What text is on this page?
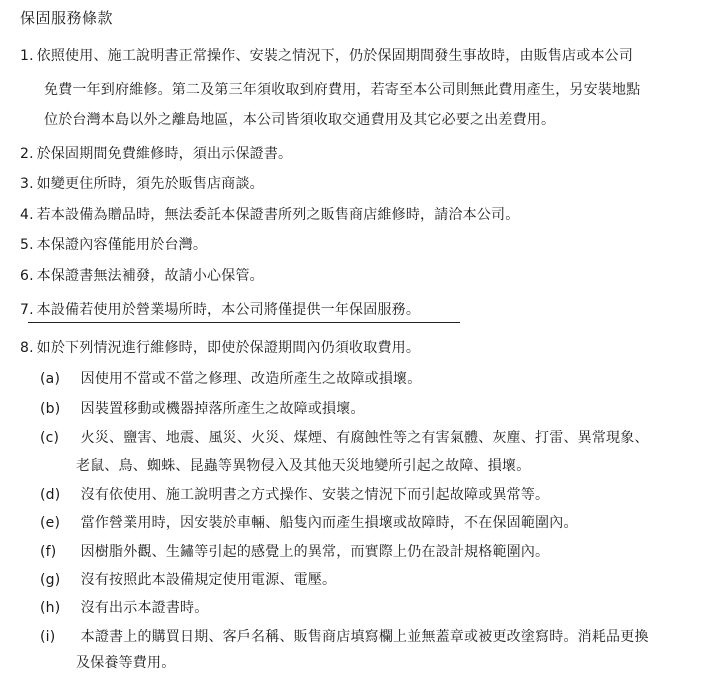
保固服務條款
1. 依照使用、施工說明書正常操作、安裝之情況下，仍於保固期間發生事故時，由販售店或本公司
免費一年到府維修。第二及第三年須收取到府費用，若寄至本公司則無此費用產生，另安裝地點
位於台灣本島以外之離島地區，本公司皆須收取交通費用及其它必要之出差費用。
2. 於保固期間免費維修時，須出示保證書。
3. 如變更住所時，須先於販售店商談。
4. 若本設備為贈品時，無法委託本保證書所列之販售商店維修時，請洽本公司。
5. 本保證內容僅能用於台灣。
6. 本保證書無法補發，故請小心保管。
7. 本設備若使用於營業場所時，本公司將僅提供一年保固服務。
8. 如於下列情況進行維修時，即使於保證期間內仍須收取費用。
(a) 因使用不當或不當之修理、改造所產生之故障或損壞。
(b) 因裝置移動或機器掉落所產生之故障或損壞。
(c) 火災、鹽害、地震、風災、火災、煤煙、有腐蝕性等之有害氣體、灰塵、打雷、異常現象、
老鼠、鳥、蜘蛛、昆蟲等異物侵入及其他天災地變所引起之故障、損壞。
(d) 沒有依使用、施工說明書之方式操作、安裝之情況下而引起故障或異常等。
(e) 當作營業用時，因安裝於車輛、船隻內而產生損壞或故障時，不在保固範圍內。
(f) 因樹脂外觀、生鏽等引起的感覺上的異常，而實際上仍在設計規格範圍內。
(g) 沒有按照此本設備規定使用電源、電壓。
(h) 沒有出示本證書時。
(i) 本證書上的購買日期、客戶名稱、販售商店填寫欄上並無蓋章或被更改塗寫時。消耗品更換
及保養等費用。
